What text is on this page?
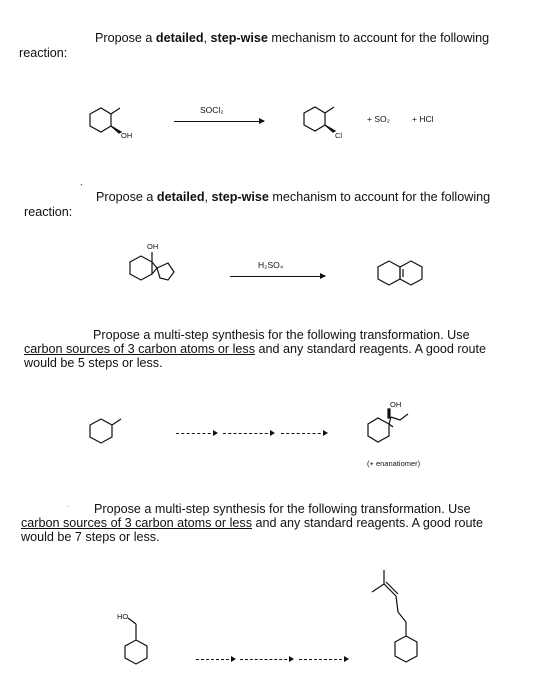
Propose a detailed, step-wise mechanism to account for the following
reaction:
OH
SOCl₂
Cl
+ SO₂	+ HCl
`
Propose a detailed, step-wise mechanism to account for the following
reaction:
OH
H₂SO₄
Propose a multi-step synthesis for the following transformation. Use
carbon sources of 3 carbon atoms or less and any standard reagents. A good route
would be 5 steps or less.
OH
(+ enanatiomer)
· Propose a multi-step synthesis for the following transformation. Use
carbon sources of 3 carbon atoms or less and any standard reagents. A good route
would be 7 steps or less.
HO
